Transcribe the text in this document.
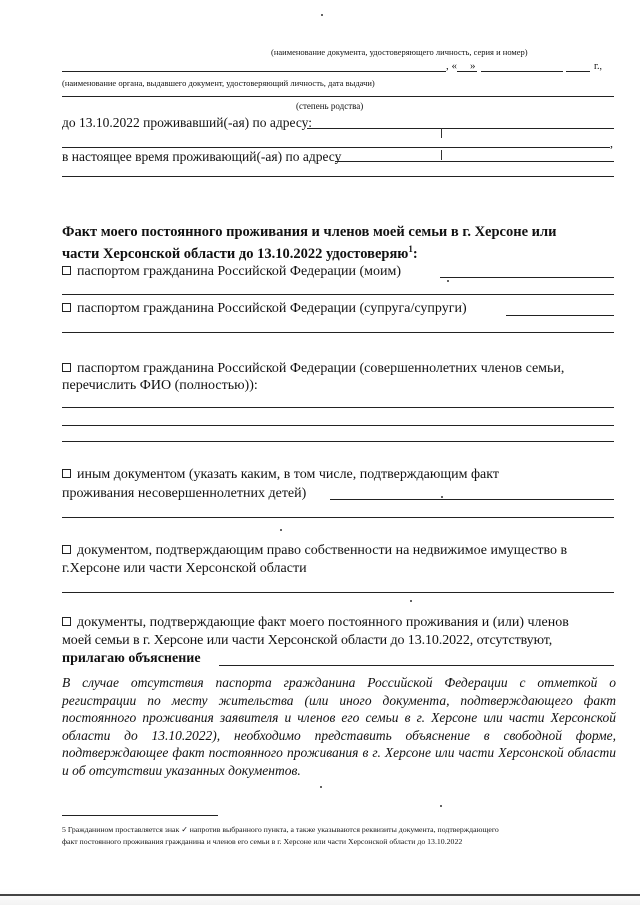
(наименование документа, удостоверяющего личность, серия и номер)
, « »	г.,
(наименование органа, выдавшего документ, удостоверяющий личность, дата выдачи)
(степень родства)
до 13.10.2022 проживавший(-ая) по адресу:
,
в настоящее время проживающий(-ая) по адресу
Факт моего постоянного проживания и членов моей семьи в г. Херсоне или
части Херсонской области до 13.10.2022 удостоверяю$^1$:
паспортом гражданина Российской Федерации (моим)
паспортом гражданина Российской Федерации (супруга/супруги)
паспортом гражданина Российской Федерации (совершеннолетних членов семьи,
перечислить ФИО (полностью)):
иным документом (указать каким, в том числе, подтверждающим факт
проживания несовершеннолетних детей)
документом, подтверждающим право собственности на недвижимое имущество в
г.Херсоне или части Херсонской области
документы, подтверждающие факт моего постоянного проживания и (или) членов
моей семьи в г. Херсоне или части Херсонской области до 13.10.2022, отсутствуют,
прилагаю объяснение
В случае отсутствия паспорта гражданина Российской Федерации с отметкой о регистрации по месту жительства (или иного документа, подтверждающего факт постоянного проживания заявителя и членов его семьи в г. Херсоне или части Херсонской области до 13.10.2022), необходимо представить объяснение в свободной форме, подтверждающее факт постоянного проживания в г. Херсоне или части Херсонской области и об отсутствии указанных документов.
5 Гражданином проставляется знак ✓ напротив выбранного пункта, а также указываются реквизиты документа, подтверждающего
факт постоянного проживания гражданина и членов его семьи в г. Херсоне или части Херсонской области до 13.10.2022
